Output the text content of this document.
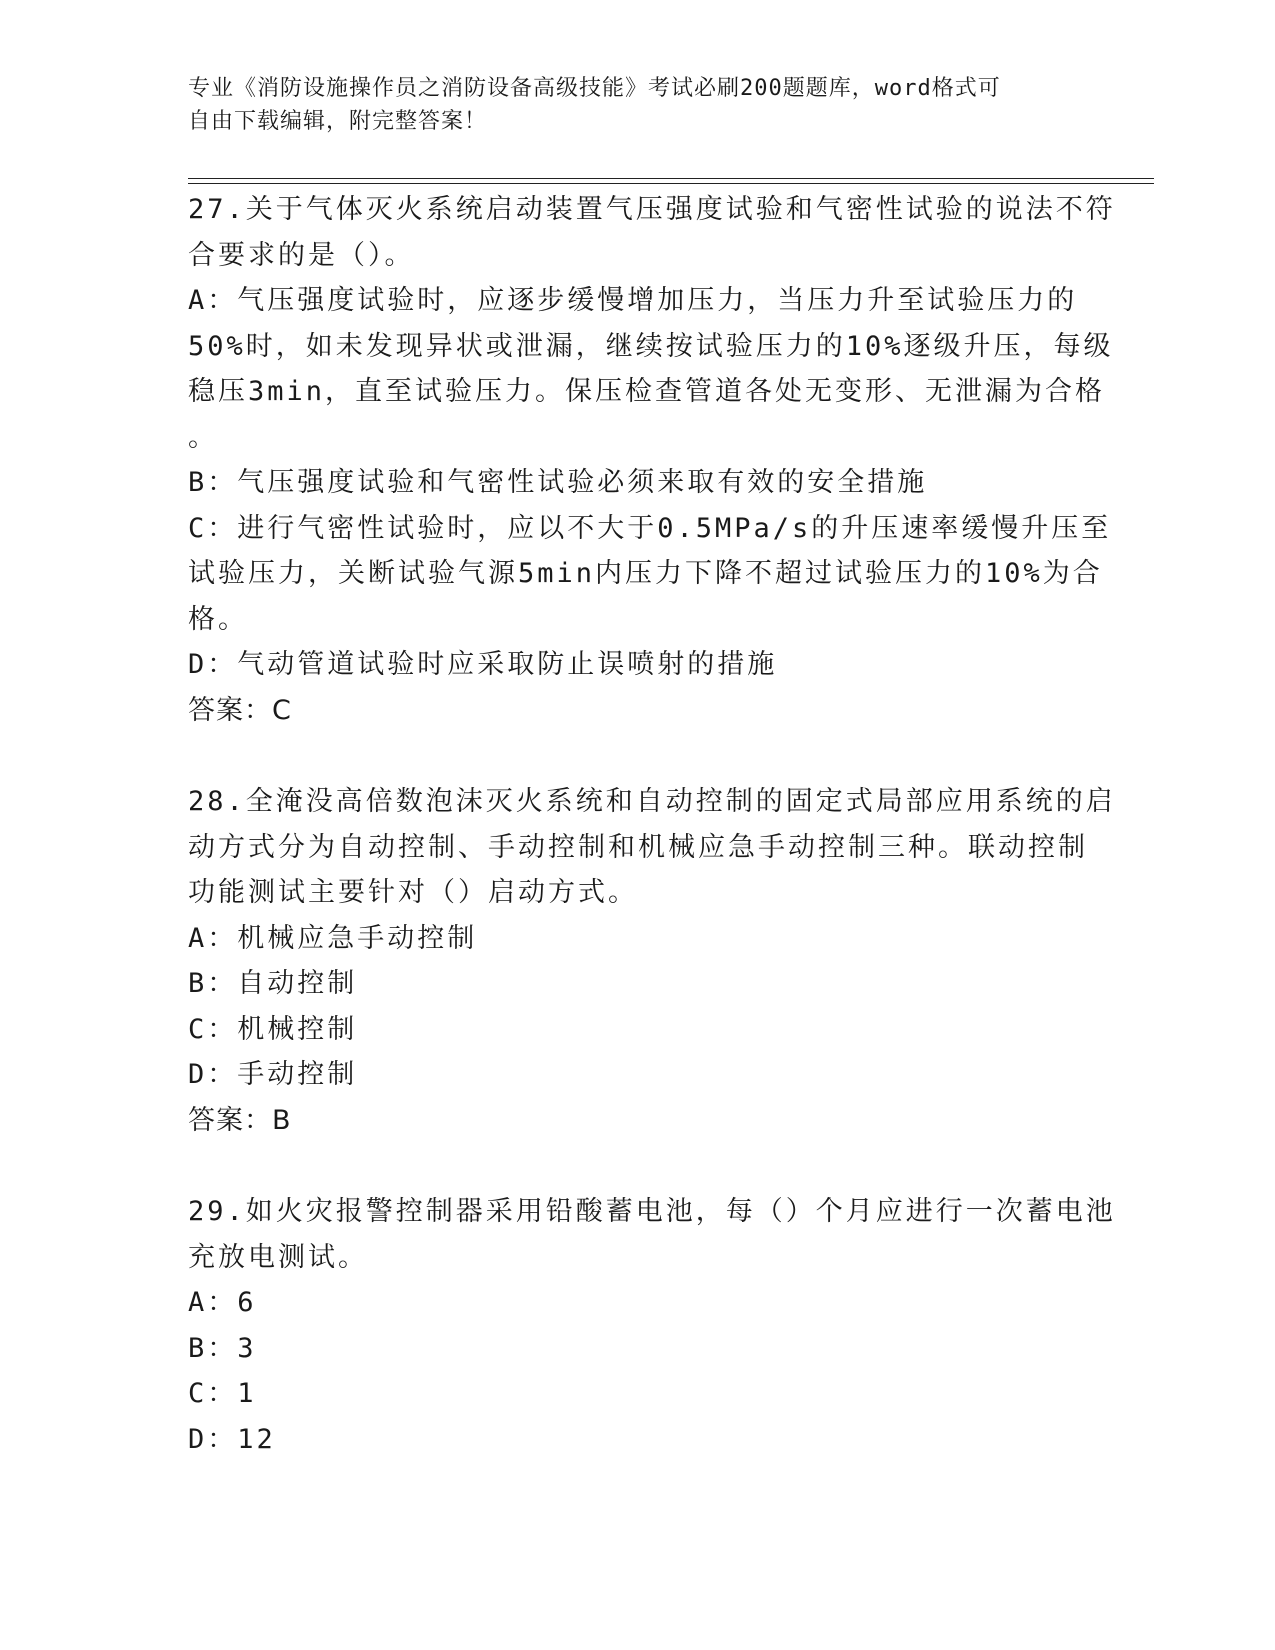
专业《消防设施操作员之消防设备高级技能》考试必刷200题题库，word格式可
自由下载编辑，附完整答案！
27.关于气体灭火系统启动装置气压强度试验和气密性试验的说法不符
合要求的是（）。
A：气压强度试验时，应逐步缓慢增加压力，当压力升至试验压力的
50%时，如未发现异状或泄漏，继续按试验压力的10%逐级升压，每级
稳压3min，直至试验压力。保压检查管道各处无变形、无泄漏为合格
。
B：气压强度试验和气密性试验必须来取有效的安全措施
C：进行气密性试验时，应以不大于0.5MPa/s的升压速率缓慢升压至
试验压力，关断试验气源5min内压力下降不超过试验压力的10%为合
格。
D：气动管道试验时应采取防止误喷射的措施
答案：C
28.全淹没高倍数泡沫灭火系统和自动控制的固定式局部应用系统的启
动方式分为自动控制、手动控制和机械应急手动控制三种。联动控制
功能测试主要针对（）启动方式。
A：机械应急手动控制
B：自动控制
C：机械控制
D：手动控制
答案：B
29.如火灾报警控制器采用铅酸蓄电池，每（）个月应进行一次蓄电池
充放电测试。
A：6
B：3
C：1
D：12
